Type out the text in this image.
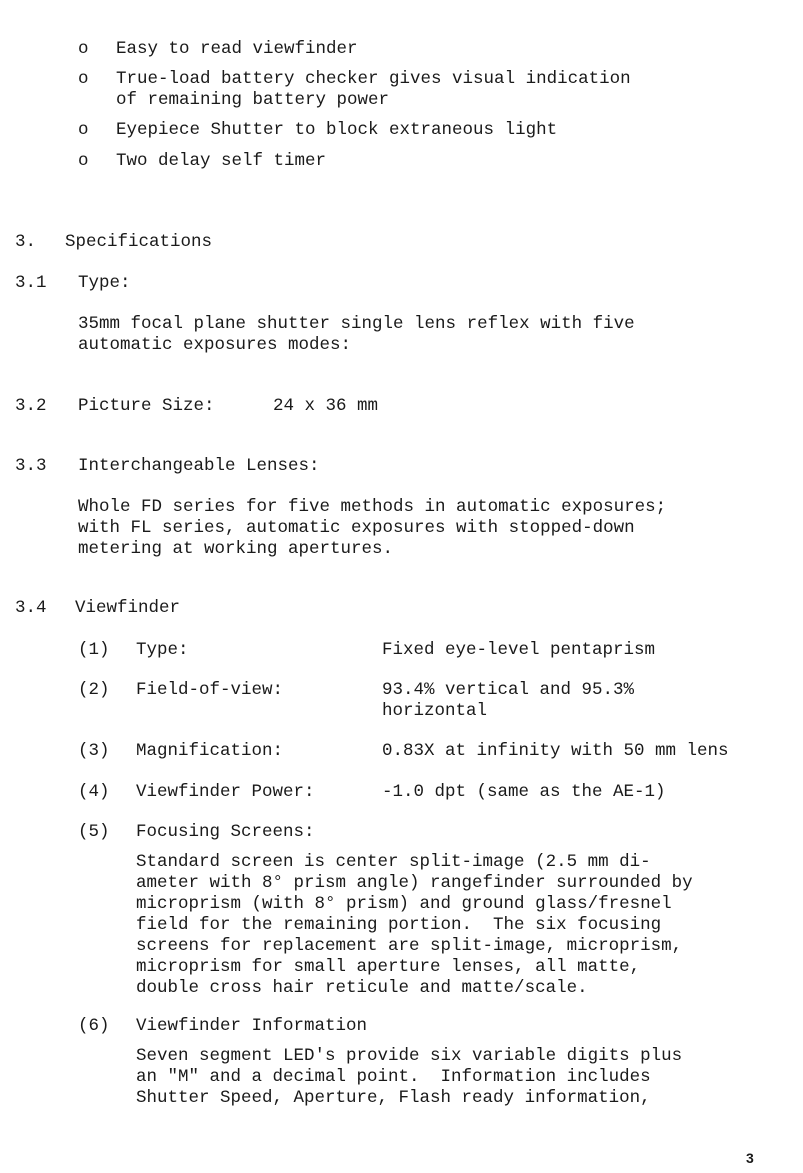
o Easy to read viewfinder
o True-load battery checker gives visual indication
of remaining battery power
o Eyepiece Shutter to block extraneous light
o Two delay self timer
3. Specifications
3.1 Type:
35mm focal plane shutter single lens reflex with five
automatic exposures modes:
3.2 Picture Size:	24 x 36 mm
3.3 Interchangeable Lenses:
Whole FD series for five methods in automatic exposures;
with FL series, automatic exposures with stopped-down
metering at working apertures.
3.4 Viewfinder
(1) Type:	Fixed eye-level pentaprism
(2) Field-of-view:	93.4% vertical and 95.3%
horizontal
(3) Magnification:	0.83X at infinity with 50 mm lens
(4) Viewfinder Power:	-1.0 dpt (same as the AE-1)
(5) Focusing Screens:
Standard screen is center split-image (2.5 mm di-
ameter with 8° prism angle) rangefinder surrounded by
microprism (with 8° prism) and ground glass/fresnel
field for the remaining portion.  The six focusing
screens for replacement are split-image, microprism,
microprism for small aperture lenses, all matte,
double cross hair reticule and matte/scale.
(6) Viewfinder Information
Seven segment LED's provide six variable digits plus
an "M" and a decimal point.  Information includes
Shutter Speed, Aperture, Flash ready information,
3
